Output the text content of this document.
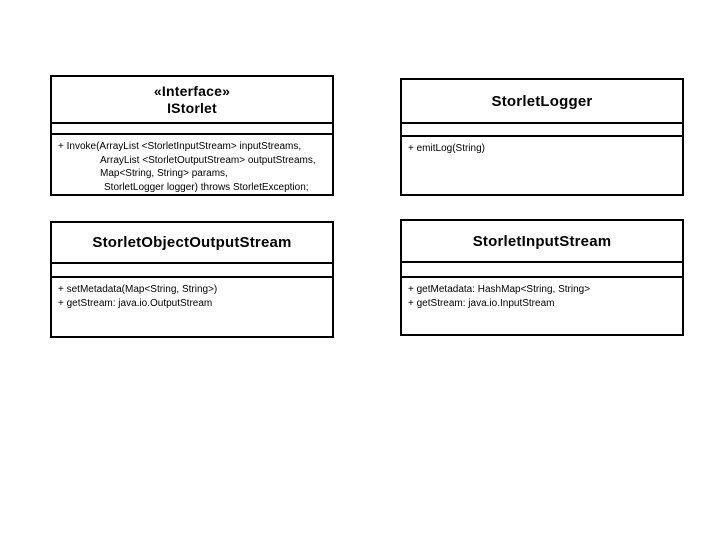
«Interface»
IStorlet
+ Invoke(ArrayList <StorletInputStream> inputStreams,
ArrayList <StorletOutputStream> outputStreams,
Map<String, String> params,
StorletLogger logger) throws StorletException;
StorletLogger
+ emitLog(String)
StorletObjectOutputStream
+ setMetadata(Map<String, String>)
+ getStream: java.io.OutputStream
StorletInputStream
+ getMetadata: HashMap<String, String>
+ getStream: java.io.InputStream
